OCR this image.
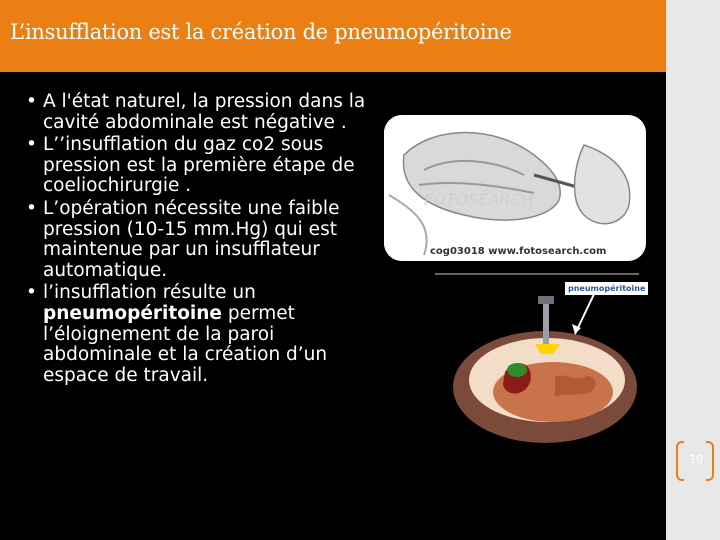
L’insufflation est la création de pneumopéritoine
• A l'état naturel, la pression dans la cavité abdominale est négative .
• L’’insufflation du gaz co2 sous pression est la première étape de coeliochirurgie .
• L’opération nécessite une faible pression (10-15 mm.Hg) qui est maintenue par un insufflateur automatique.
• l’insufflation résulte un pneumopéritoine permet l’éloignement de la paroi abdominale et la création d’un espace de travail.
FOTOSEARCH
cog03018 www.fotosearch.com
pneumopéritoine
10
